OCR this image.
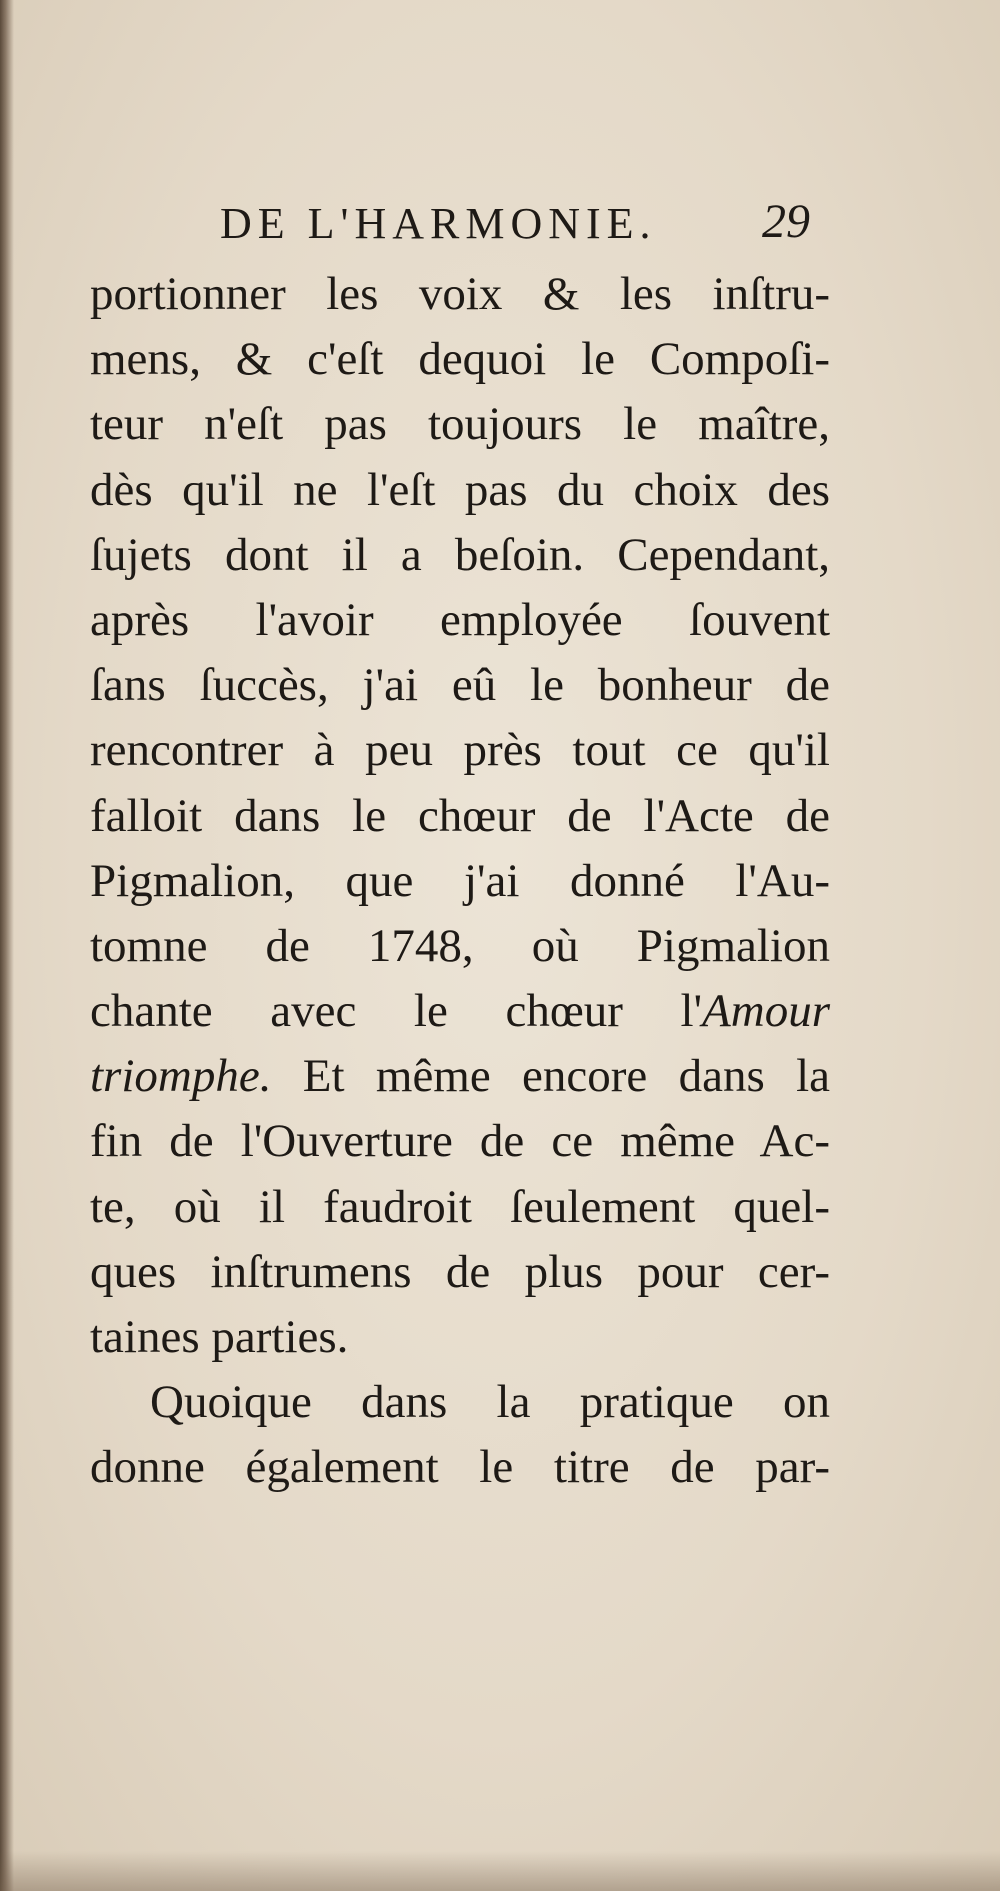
DE L'HARMONIE. 29
portionner les voix & les inſtru-
mens, & c'eſt dequoi le Compoſi-
teur n'eſt pas toujours le maître,
dès qu'il ne l'eſt pas du choix des
ſujets dont il a beſoin. Cependant,
après l'avoir employée ſouvent
ſans ſuccès, j'ai eû le bonheur de
rencontrer à peu près tout ce qu'il
falloit dans le chœur de l'Acte de
Pigmalion, que j'ai donné l'Au-
tomne de 1748, où Pigmalion
chante avec le chœur l'Amour
triomphe. Et même encore dans la
fin de l'Ouverture de ce même Ac-
te, où il faudroit ſeulement quel-
ques inſtrumens de plus pour cer-
taines parties.
Quoique dans la pratique on
donne également le titre de par-
